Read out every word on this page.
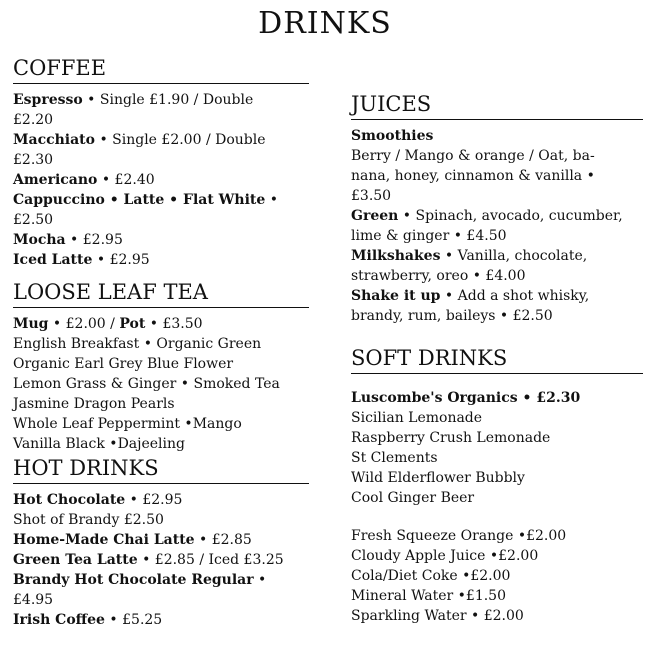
DRINKS
COFFEE
Espresso • Single £1.90 / Double
£2.20
Macchiato • Single £2.00 / Double
£2.30
Americano • £2.40
Cappuccino • Latte • Flat White •
£2.50
Mocha • £2.95
Iced Latte • £2.95
LOOSE LEAF TEA
Mug • £2.00 / Pot • £3.50
English Breakfast • Organic Green
Organic Earl Grey Blue Flower
Lemon Grass & Ginger • Smoked Tea
Jasmine Dragon Pearls
Whole Leaf Peppermint •Mango
Vanilla Black •Dajeeling
HOT DRINKS
Hot Chocolate • £2.95
Shot of Brandy £2.50
Home-Made Chai Latte • £2.85
Green Tea Latte • £2.85 / Iced £3.25
Brandy Hot Chocolate Regular •
£4.95
Irish Coffee • £5.25
JUICES
Smoothies
Berry / Mango & orange / Oat, ba-
nana, honey, cinnamon & vanilla •
£3.50
Green • Spinach, avocado, cucumber,
lime & ginger • £4.50
Milkshakes • Vanilla, chocolate,
strawberry, oreo • £4.00
Shake it up • Add a shot whisky,
brandy, rum, baileys • £2.50
SOFT DRINKS
Luscombe's Organics • £2.30
Sicilian Lemonade
Raspberry Crush Lemonade
St Clements
Wild Elderflower Bubbly
Cool Ginger Beer
Fresh Squeeze Orange •£2.00
Cloudy Apple Juice •£2.00
Cola/Diet Coke •£2.00
Mineral Water •£1.50
Sparkling Water • £2.00
